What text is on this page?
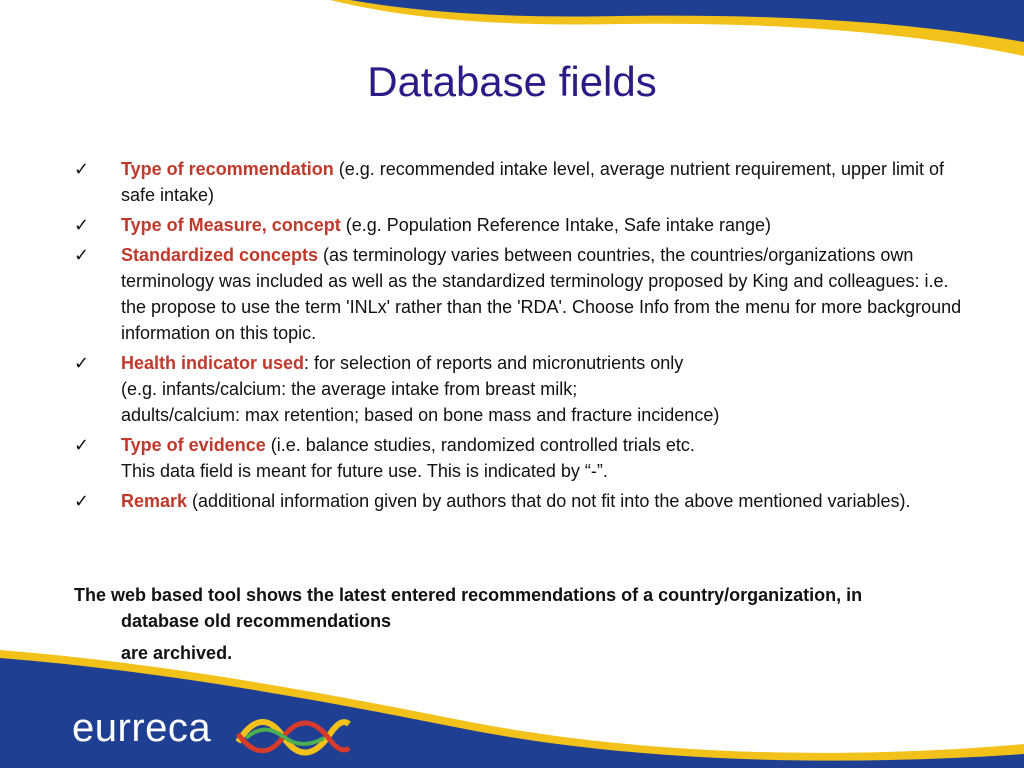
Database fields
✓ Type of recommendation (e.g. recommended intake level, average nutrient requirement, upper limit of safe intake)
✓ Type of Measure, concept (e.g. Population Reference Intake, Safe intake range)
✓ Standardized concepts (as terminology varies between countries, the countries/organizations own terminology was included as well as the standardized terminology proposed by King and colleagues: i.e. the propose to use the term 'INLx' rather than the 'RDA'. Choose Info from the menu for more background information on this topic.
✓ Health indicator used: for selection of reports and micronutrients only
(e.g. infants/calcium: the average intake from breast milk;
adults/calcium: max retention; based on bone mass and fracture incidence)
✓ Type of evidence (i.e. balance studies, randomized controlled trials etc.
This data field is meant for future use. This is indicated by “-”.
✓ Remark (additional information given by authors that do not fit into the above mentioned variables).

The web based tool shows the latest entered recommendations of a country/organization, in

database old recommendations

are archived.

eurreca
